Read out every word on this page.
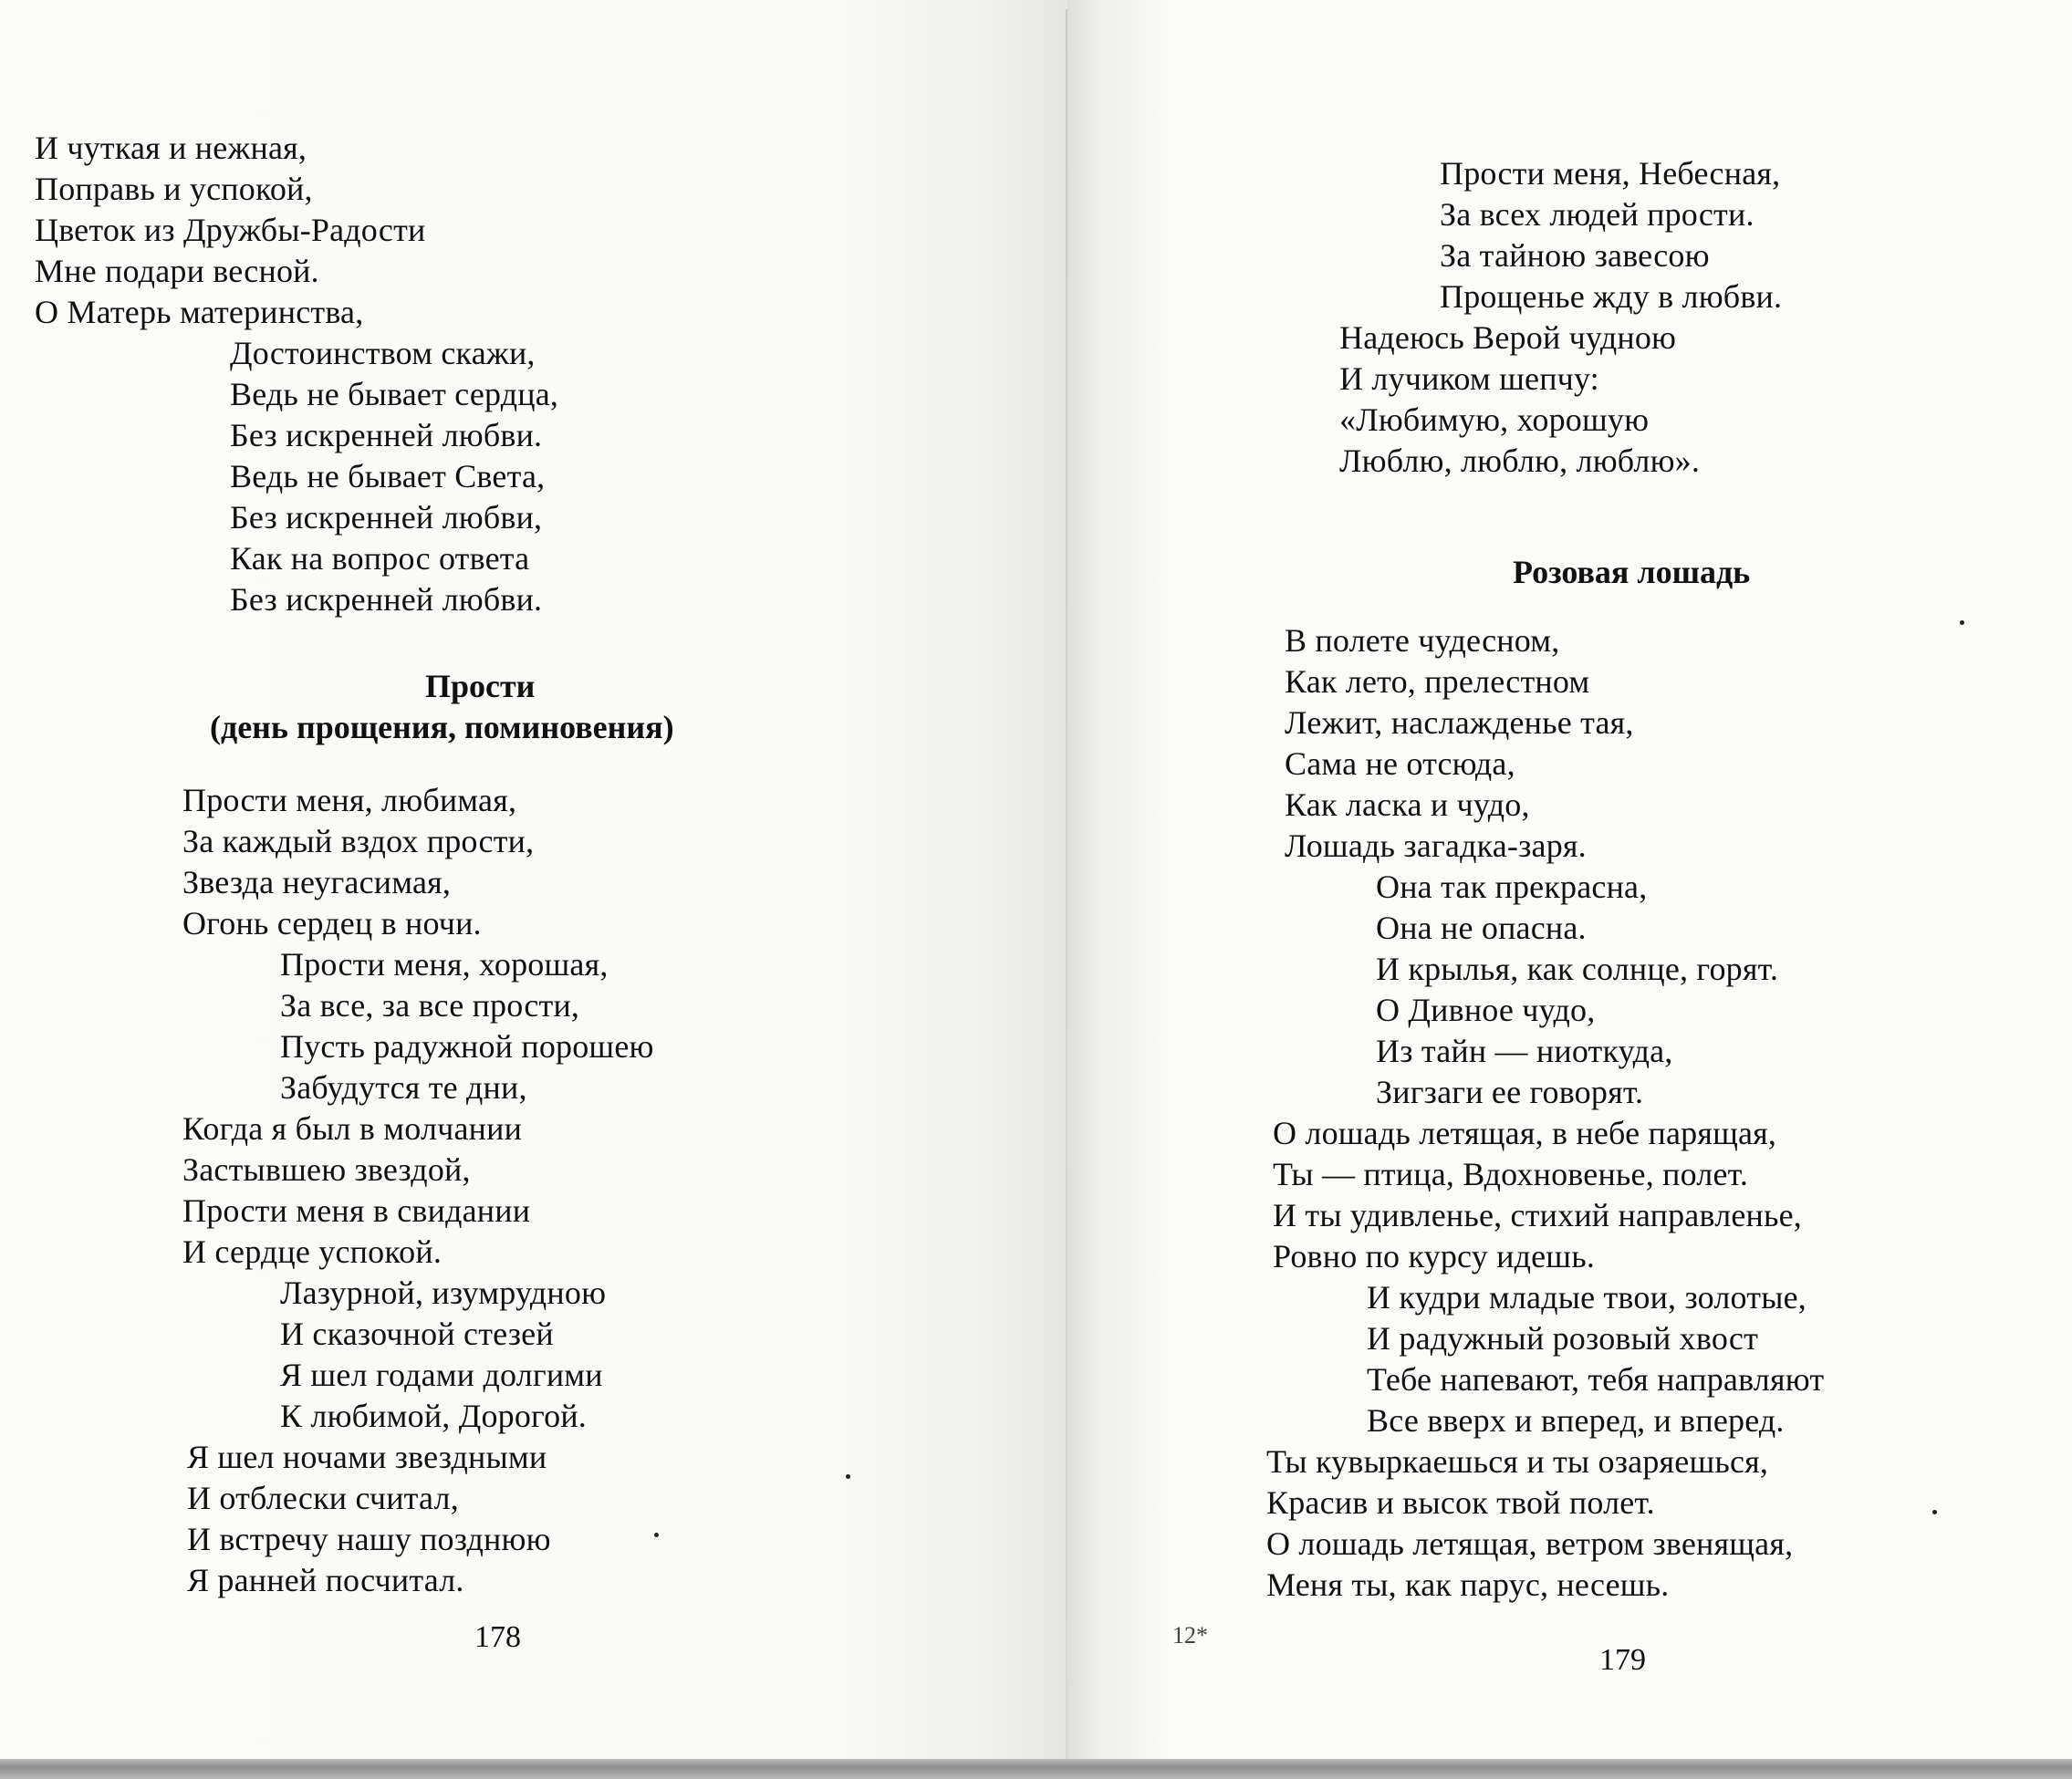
И чуткая и нежная,
Поправь и успокой,
Цветок из Дружбы-Радости
Мне подари весной.
О Матерь материнства,
Достоинством скажи,
Ведь не бывает сердца,
Без искренней любви.
Ведь не бывает Света,
Без искренней любви,
Как на вопрос ответа
Без искренней любви.
Прости
(день прощения, поминовения)
Прости меня, любимая,
За каждый вздох прости,
Звезда неугасимая,
Огонь сердец в ночи.
Прости меня, хорошая,
За все, за все прости,
Пусть радужной порошею
Забудутся те дни,
Когда я был в молчании
Застывшею звездой,
Прости меня в свидании
И сердце успокой.
Лазурной, изумрудною
И сказочной стезей
Я шел годами долгими
К любимой, Дорогой.
Я шел ночами звездными
И отблески считал,
И встречу нашу позднюю
Я ранней посчитал.
178
Прости меня, Небесная,
За всех людей прости.
За тайною завесою
Прощенье жду в любви.
Надеюсь Верой чудною
И лучиком шепчу:
«Любимую, хорошую
Люблю, люблю, люблю».
Розовая лошадь
В полете чудесном,
Как лето, прелестном
Лежит, наслажденье тая,
Сама не отсюда,
Как ласка и чудо,
Лошадь загадка-заря.
Она так прекрасна,
Она не опасна.
И крылья, как солнце, горят.
О Дивное чудо,
Из тайн — ниоткуда,
Зигзаги ее говорят.
О лошадь летящая, в небе парящая,
Ты — птица, Вдохновенье, полет.
И ты удивленье, стихий направленье,
Ровно по курсу идешь.
И кудри младые твои, золотые,
И радужный розовый хвост
Тебе напевают, тебя направляют
Все вверх и вперед, и вперед.
Ты кувыркаешься и ты озаряешься,
Красив и высок твой полет.
О лошадь летящая, ветром звенящая,
Меня ты, как парус, несешь.
12*
179
